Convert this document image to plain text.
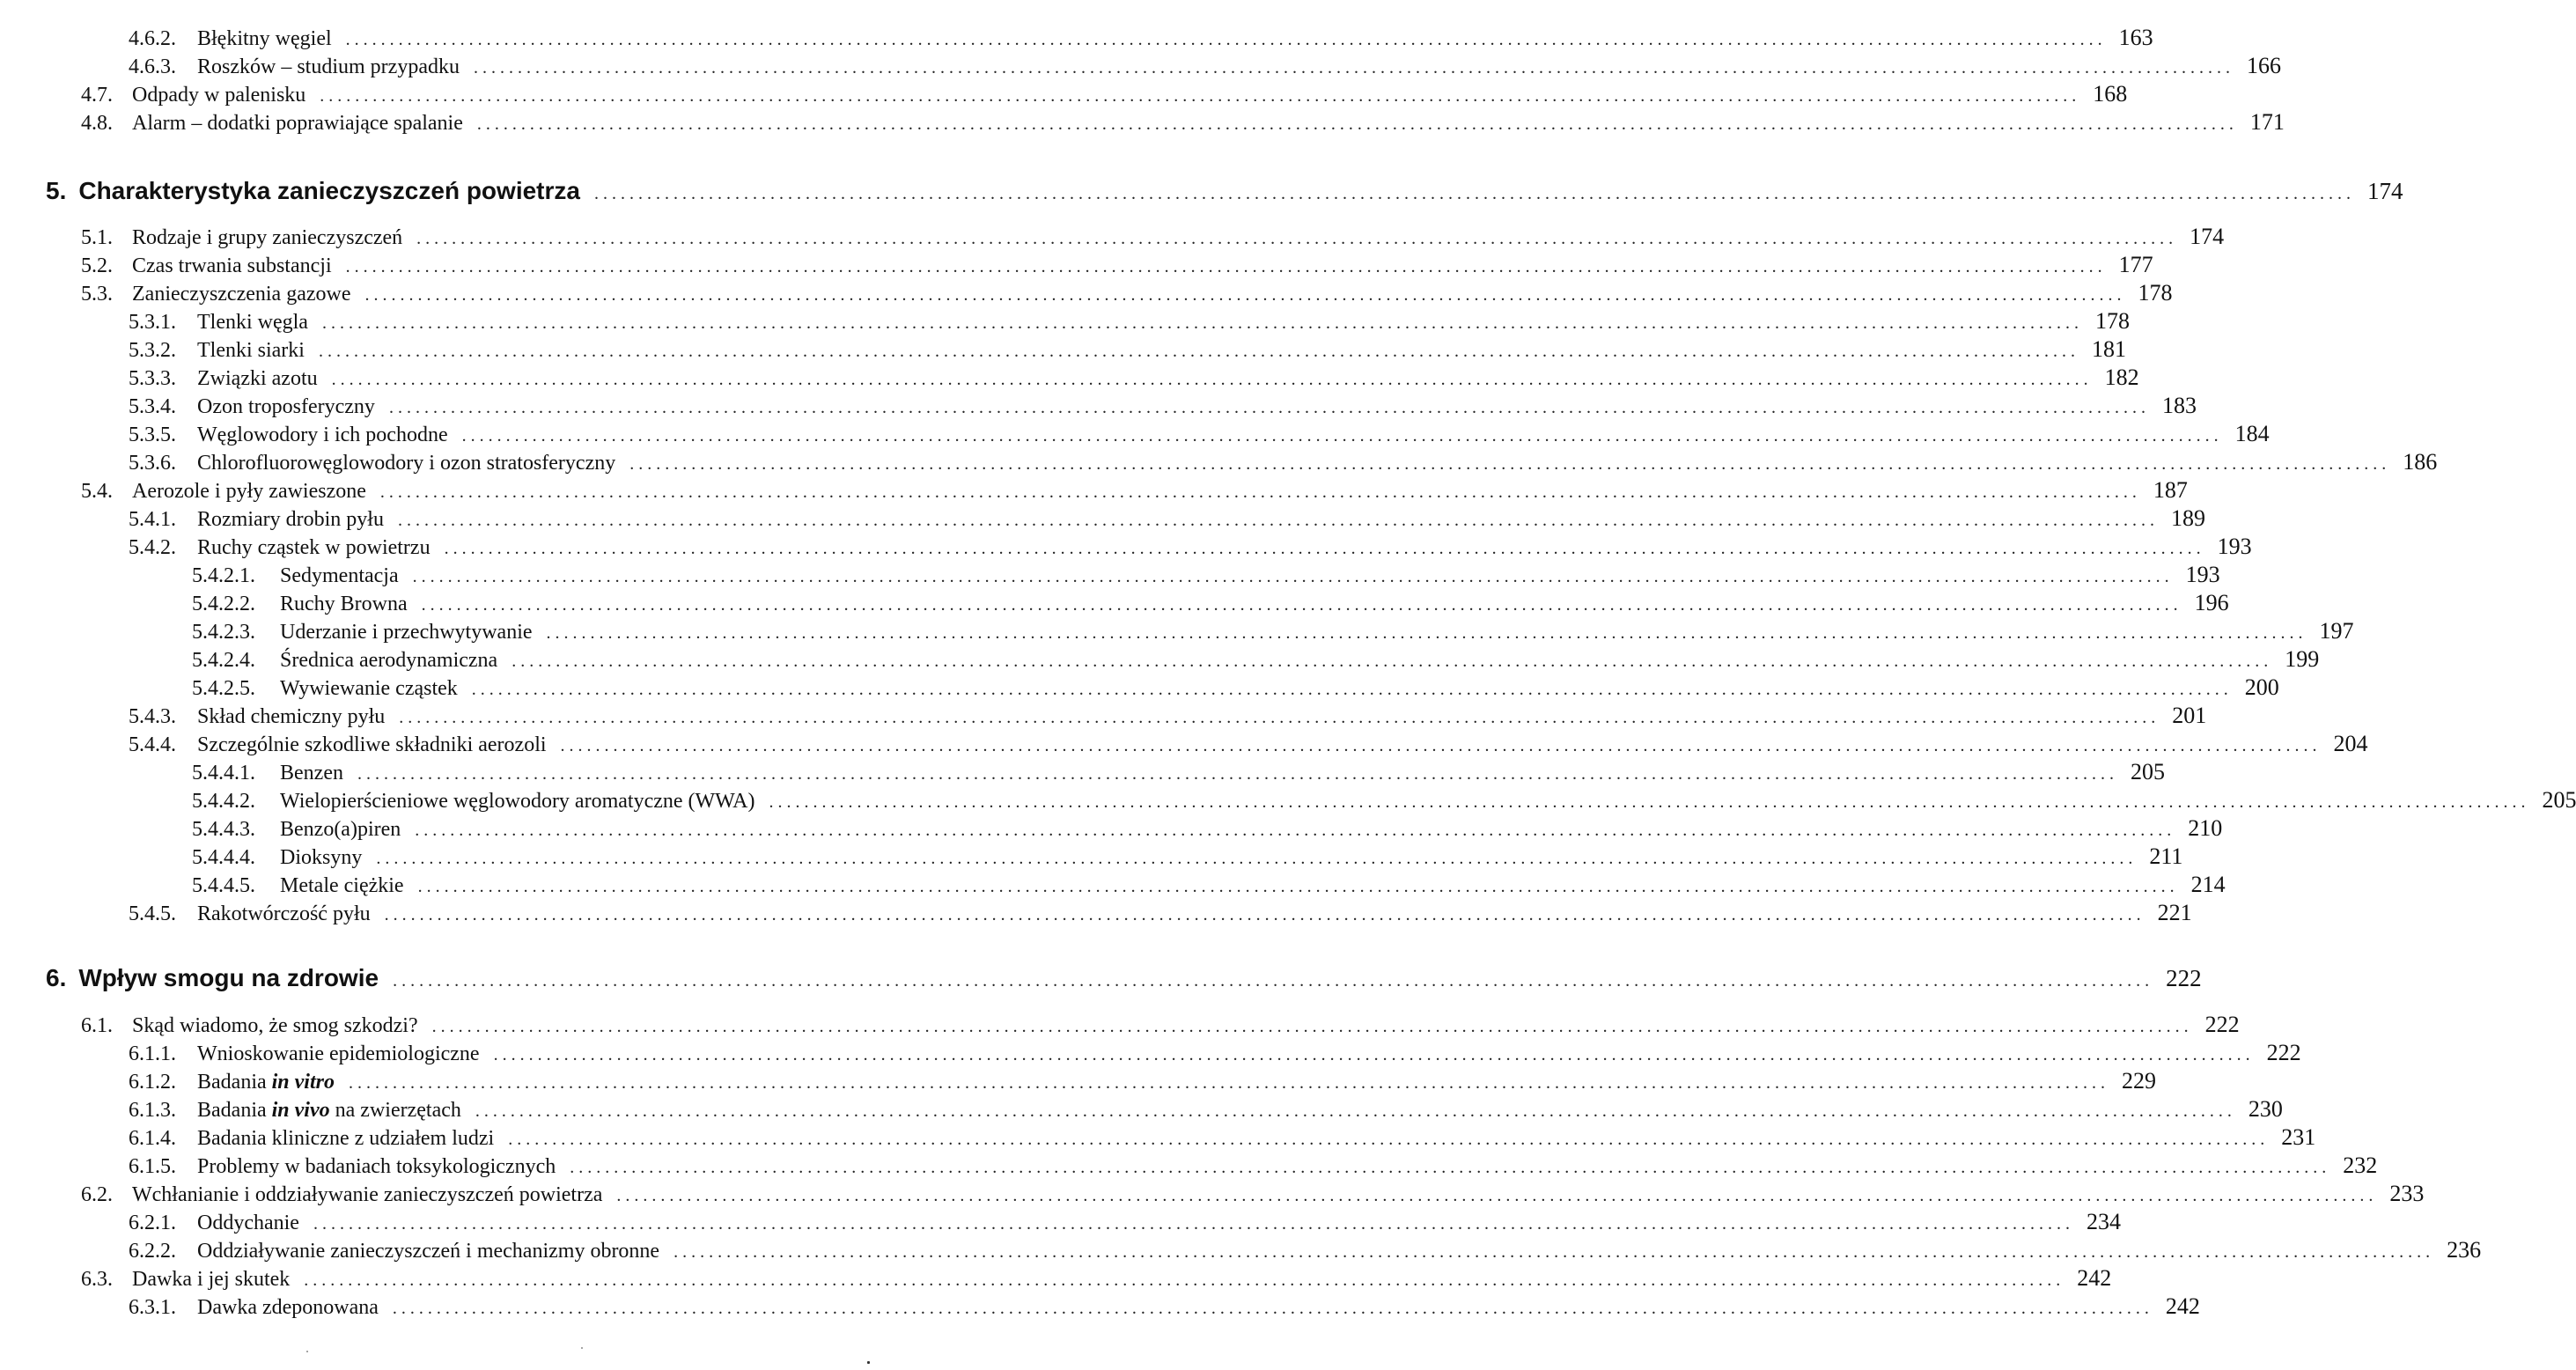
4.6.2.	Błękitny węgiel ........................................................................................................................................................................................................ 163
4.6.3.	Roszków – studium przypadku ........................................................................................................................................................................................................ 166
4.7. Odpady w palenisku ........................................................................................................................................................................................................ 168
4.8. Alarm – dodatki poprawiające spalanie ........................................................................................................................................................................................................ 171
5. Charakterystyka zanieczyszczeń powietrza ........................................................................................................................................................................................................ 174
5.1. Rodzaje i grupy zanieczyszczeń ........................................................................................................................................................................................................ 174
5.2. Czas trwania substancji ........................................................................................................................................................................................................ 177
5.3. Zanieczyszczenia gazowe ........................................................................................................................................................................................................ 178
5.3.1.	Tlenki węgla ........................................................................................................................................................................................................ 178
5.3.2.	Tlenki siarki ........................................................................................................................................................................................................ 181
5.3.3.	Związki azotu ........................................................................................................................................................................................................ 182
5.3.4.	Ozon troposferyczny ........................................................................................................................................................................................................ 183
5.3.5.	Węglowodory i ich pochodne ........................................................................................................................................................................................................ 184
5.3.6.	Chlorofluorowęglowodory i ozon stratosferyczny ........................................................................................................................................................................................................ 186
5.4. Aerozole i pyły zawieszone ........................................................................................................................................................................................................ 187
5.4.1.	Rozmiary drobin pyłu ........................................................................................................................................................................................................ 189
5.4.2.	Ruchy cząstek w powietrzu ........................................................................................................................................................................................................ 193
5.4.2.1.	Sedymentacja ........................................................................................................................................................................................................ 193
5.4.2.2.	Ruchy Browna ........................................................................................................................................................................................................ 196
5.4.2.3.	Uderzanie i przechwytywanie ........................................................................................................................................................................................................ 197
5.4.2.4.	Średnica aerodynamiczna ........................................................................................................................................................................................................ 199
5.4.2.5.	Wywiewanie cząstek ........................................................................................................................................................................................................ 200
5.4.3.	Skład chemiczny pyłu ........................................................................................................................................................................................................ 201
5.4.4.	Szczególnie szkodliwe składniki aerozoli ........................................................................................................................................................................................................ 204
5.4.4.1.	Benzen ........................................................................................................................................................................................................ 205
5.4.4.2.	Wielopierścieniowe węglowodory aromatyczne (WWA) ........................................................................................................................................................................................................ 205
5.4.4.3.	Benzo(a)piren ........................................................................................................................................................................................................ 210
5.4.4.4.	Dioksyny ........................................................................................................................................................................................................ 211
5.4.4.5.	Metale ciężkie ........................................................................................................................................................................................................ 214
5.4.5.	Rakotwórczość pyłu ........................................................................................................................................................................................................ 221
6. Wpływ smogu na zdrowie ........................................................................................................................................................................................................ 222
6.1. Skąd wiadomo, że smog szkodzi? ........................................................................................................................................................................................................ 222
6.1.1.	Wnioskowanie epidemiologiczne ........................................................................................................................................................................................................ 222
6.1.2.	Badania in vitro ........................................................................................................................................................................................................ 229
6.1.3.	Badania in vivo na zwierzętach ........................................................................................................................................................................................................ 230
6.1.4.	Badania kliniczne z udziałem ludzi ........................................................................................................................................................................................................ 231
6.1.5.	Problemy w badaniach toksykologicznych ........................................................................................................................................................................................................ 232
6.2. Wchłanianie i oddziaływanie zanieczyszczeń powietrza ........................................................................................................................................................................................................ 233
6.2.1.	Oddychanie ........................................................................................................................................................................................................ 234
6.2.2.	Oddziaływanie zanieczyszczeń i mechanizmy obronne ........................................................................................................................................................................................................ 236
6.3. Dawka i jej skutek ........................................................................................................................................................................................................ 242
6.3.1.	Dawka zdeponowana ........................................................................................................................................................................................................ 242
